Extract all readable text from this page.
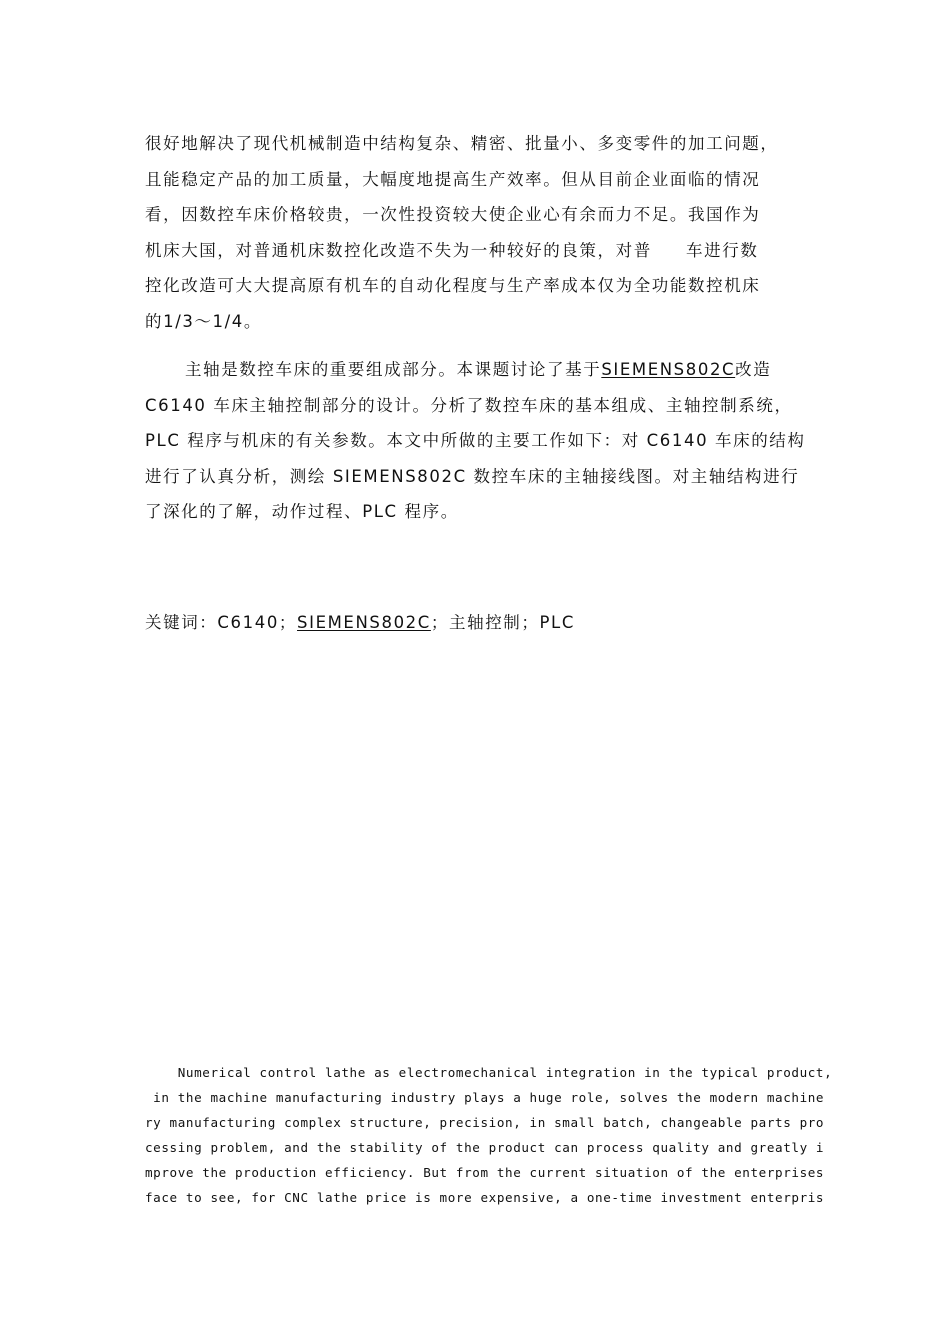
很好地解决了现代机械制造中结构复杂、精密、批量小、多变零件的加工问题，
且能稳定产品的加工质量，大幅度地提高生产效率。但从目前企业面临的情况
看，因数控车床价格较贵，一次性投资较大使企业心有余而力不足。我国作为
机床大国，对普通机床数控化改造不失为一种较好的良策，对普     车进行数
控化改造可大大提高原有机车的自动化程度与生产率成本仅为全功能数控机床
的1/3～1/4。
主轴是数控车床的重要组成部分。本课题讨论了基于SIEMENS802C改造
C6140 车床主轴控制部分的设计。分析了数控车床的基本组成、主轴控制系统，
PLC 程序与机床的有关参数。本文中所做的主要工作如下：对 C6140 车床的结构
进行了认真分析，测绘 SIEMENS802C 数控车床的主轴接线图。对主轴结构进行
了深化的了解，动作过程、PLC 程序。
关键词：C6140；SIEMENS802C；主轴控制；PLC
Numerical control lathe as electromechanical integration in the typical product,
in the machine manufacturing industry plays a huge role, solves the modern machine
ry manufacturing complex structure, precision, in small batch, changeable parts pro
cessing problem, and the stability of the product can process quality and greatly i
mprove the production efficiency. But from the current situation of the enterprises
face to see, for CNC lathe price is more expensive, a one-time investment enterpris
